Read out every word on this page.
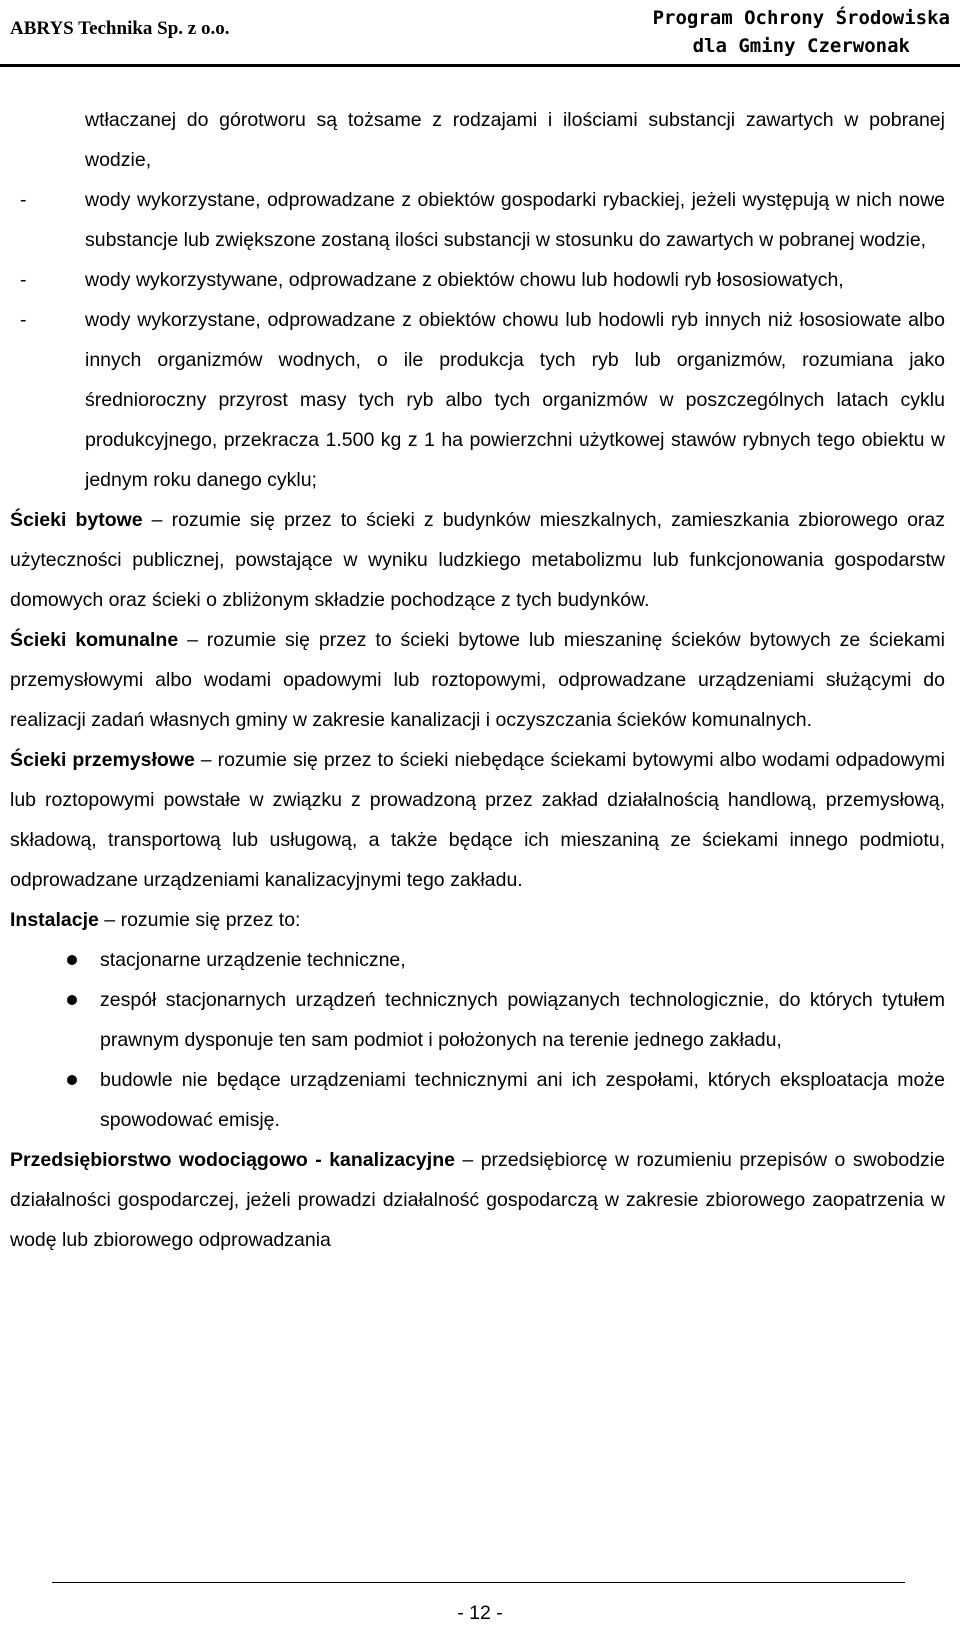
ABRYS Technika Sp. z o.o.	Program Ochrony Środowiska
dla Gminy Czerwonak

wtłaczanej do górotworu są tożsame z rodzajami i ilościami substancji zawartych w pobranej wodzie,

-	wody wykorzystane, odprowadzane z obiektów gospodarki rybackiej, jeżeli występują w nich nowe substancje lub zwiększone zostaną ilości substancji w stosunku do zawartych w pobranej wodzie,

-	wody wykorzystywane, odprowadzane z obiektów chowu lub hodowli ryb łososiowatych,

-	wody wykorzystane, odprowadzane z obiektów chowu lub hodowli ryb innych niż łososiowate albo innych organizmów wodnych, o ile produkcja tych ryb lub organizmów, rozumiana jako średnioroczny przyrost masy tych ryb albo tych organizmów w poszczególnych latach cyklu produkcyjnego, przekracza 1.500 kg z 1 ha powierzchni użytkowej stawów rybnych tego obiektu w jednym roku danego cyklu;

Ścieki bytowe – rozumie się przez to ścieki z budynków mieszkalnych, zamieszkania zbiorowego oraz użyteczności publicznej, powstające w wyniku ludzkiego metabolizmu lub funkcjonowania gospodarstw domowych oraz ścieki o zbliżonym składzie pochodzące z tych budynków.

Ścieki komunalne – rozumie się przez to ścieki bytowe lub mieszaninę ścieków bytowych ze ściekami przemysłowymi albo wodami opadowymi lub roztopowymi, odprowadzane urządzeniami służącymi do realizacji zadań własnych gminy w zakresie kanalizacji i oczyszczania ścieków komunalnych.

Ścieki przemysłowe – rozumie się przez to ścieki niebędące ściekami bytowymi albo wodami odpadowymi lub roztopowymi powstałe w związku z prowadzoną przez zakład działalnością handlową, przemysłową, składową, transportową lub usługową, a także będące ich mieszaniną ze ściekami innego podmiotu, odprowadzane urządzeniami kanalizacyjnymi tego zakładu.

Instalacje – rozumie się przez to:

stacjonarne urządzenie techniczne,

zespół stacjonarnych urządzeń technicznych powiązanych technologicznie, do których tytułem prawnym dysponuje ten sam podmiot i położonych na terenie jednego zakładu,

budowle nie będące urządzeniami technicznymi ani ich zespołami, których eksploatacja może spowodować emisję.

Przedsiębiorstwo wodociągowo - kanalizacyjne – przedsiębiorcę w rozumieniu przepisów o swobodzie działalności gospodarczej, jeżeli prowadzi działalność gospodarczą w zakresie zbiorowego zaopatrzenia w wodę lub zbiorowego odprowadzania

- 12 -
